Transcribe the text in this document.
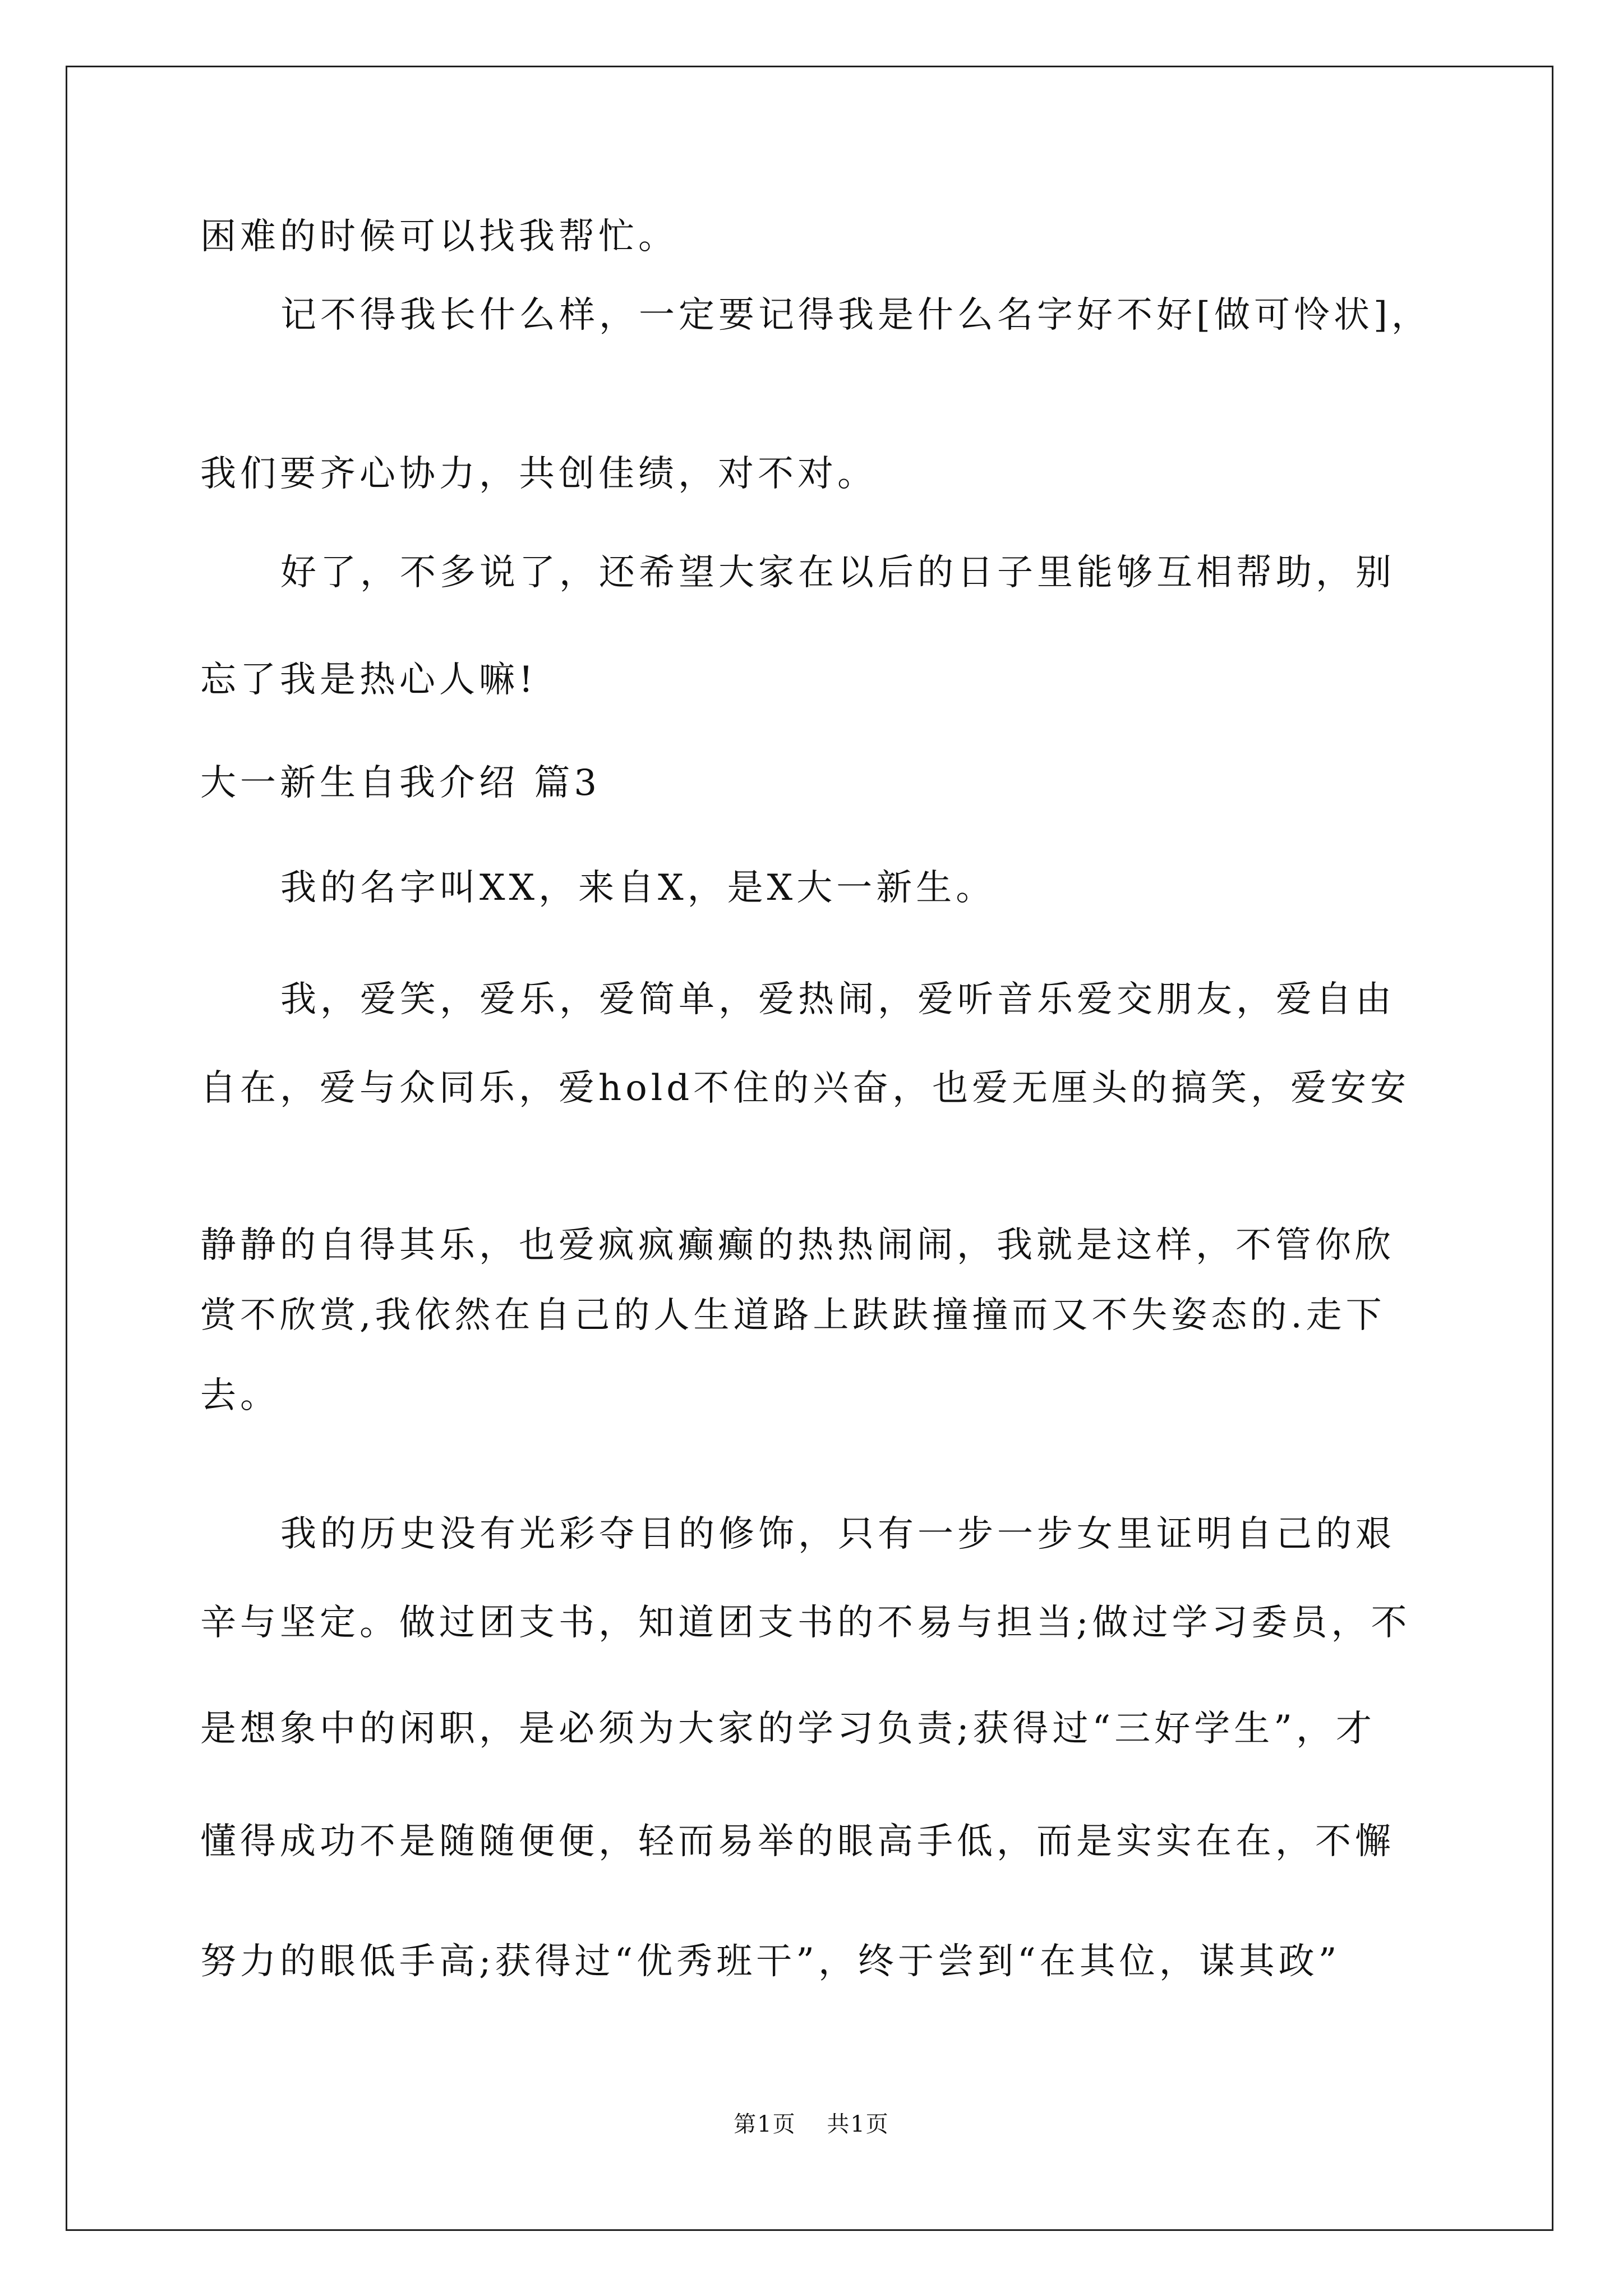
困难的时候可以找我帮忙。
记不得我长什么样，一定要记得我是什么名字好不好[做可怜状]，
我们要齐心协力，共创佳绩，对不对。
好了，不多说了，还希望大家在以后的日子里能够互相帮助，别
忘了我是热心人嘛!
大一新生自我介绍 篇3
我的名字叫XX，来自X，是X大一新生。
我，爱笑，爱乐，爱简单，爱热闹，爱听音乐爱交朋友，爱自由
自在，爱与众同乐，爱hold不住的兴奋，也爱无厘头的搞笑，爱安安
静静的自得其乐，也爱疯疯癫癫的热热闹闹，我就是这样，不管你欣
赏不欣赏,我依然在自己的人生道路上趺趺撞撞而又不失姿态的.走下
去。
我的历史没有光彩夺目的修饰，只有一步一步女里证明自己的艰
辛与坚定。做过团支书，知道团支书的不易与担当;做过学习委员，不
是想象中的闲职，是必须为大家的学习负责;获得过“三好学生”，才
懂得成功不是随随便便，轻而易举的眼高手低，而是实实在在，不懈
努力的眼低手高;获得过“优秀班干”，终于尝到“在其位，谋其政”
第1页 共1页
